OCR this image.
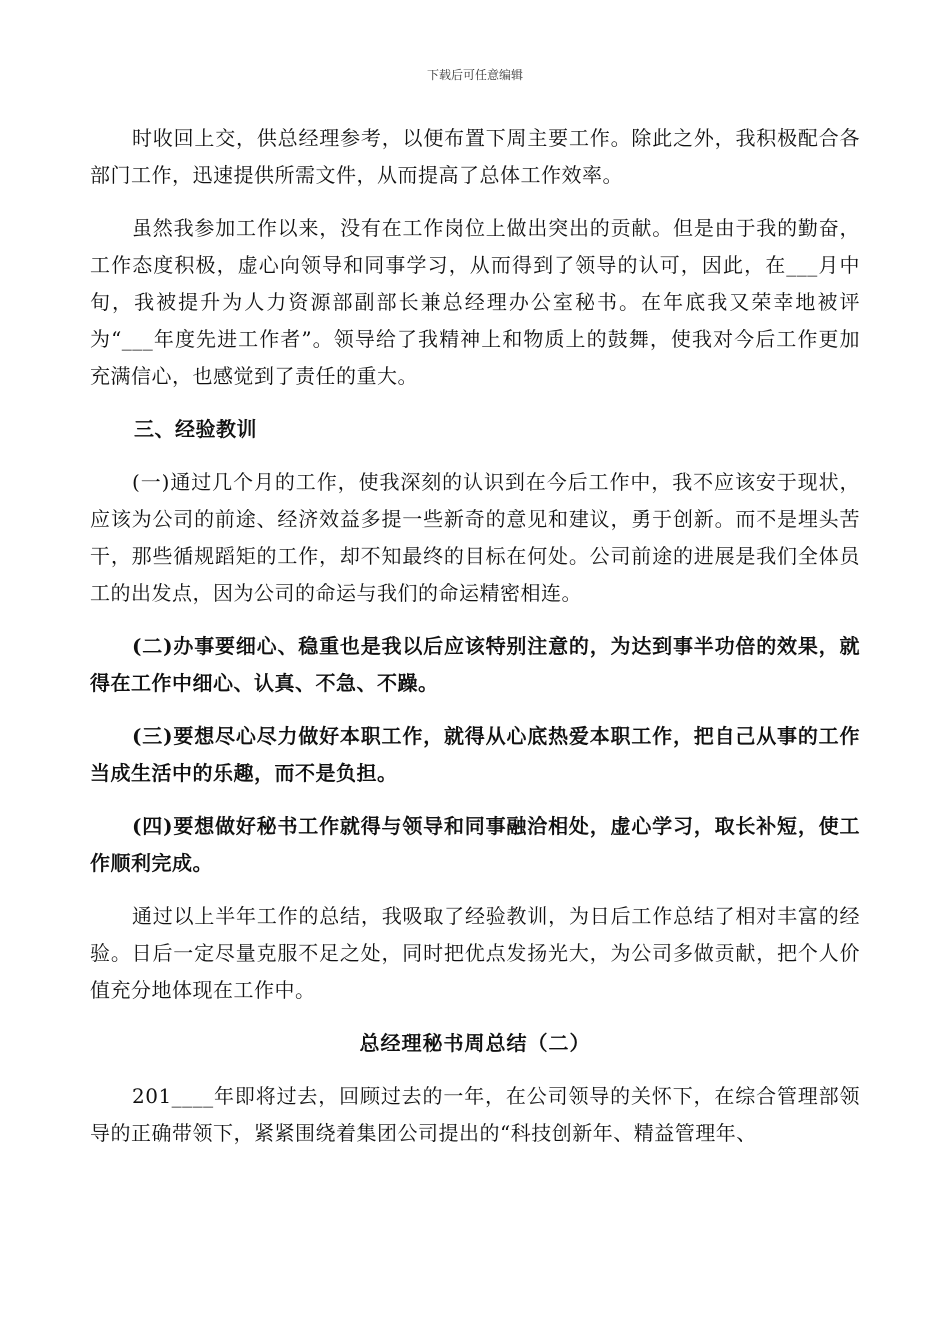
下载后可任意编辑

时收回上交，供总经理参考，以便布置下周主要工作。除此之外，我积极配合各部门工作，迅速提供所需文件，从而提高了总体工作效率。

虽然我参加工作以来，没有在工作岗位上做出突出的贡献。但是由于我的勤奋，工作态度积极，虚心向领导和同事学习，从而得到了领导的认可，因此，在___月中旬，我被提升为人力资源部副部长兼总经理办公室秘书。在年底我又荣幸地被评为“___年度先进工作者”。领导给了我精神上和物质上的鼓舞，使我对今后工作更加充满信心，也感觉到了责任的重大。

三、经验教训

(一)通过几个月的工作，使我深刻的认识到在今后工作中，我不应该安于现状，应该为公司的前途、经济效益多提一些新奇的意见和建议，勇于创新。而不是埋头苦干，那些循规蹈矩的工作，却不知最终的目标在何处。公司前途的进展是我们全体员工的出发点，因为公司的命运与我们的命运精密相连。

(二)办事要细心、稳重也是我以后应该特别注意的，为达到事半功倍的效果，就得在工作中细心、认真、不急、不躁。

(三)要想尽心尽力做好本职工作，就得从心底热爱本职工作，把自己从事的工作当成生活中的乐趣，而不是负担。

(四)要想做好秘书工作就得与领导和同事融洽相处，虚心学习，取长补短，使工作顺利完成。

通过以上半年工作的总结，我吸取了经验教训，为日后工作总结了相对丰富的经验。日后一定尽量克服不足之处，同时把优点发扬光大，为公司多做贡献，把个人价值充分地体现在工作中。

总经理秘书周总结（二）

201____年即将过去，回顾过去的一年，在公司领导的关怀下，在综合管理部领导的正确带领下，紧紧围绕着集团公司提出的“科技创新年、精益管理年、
